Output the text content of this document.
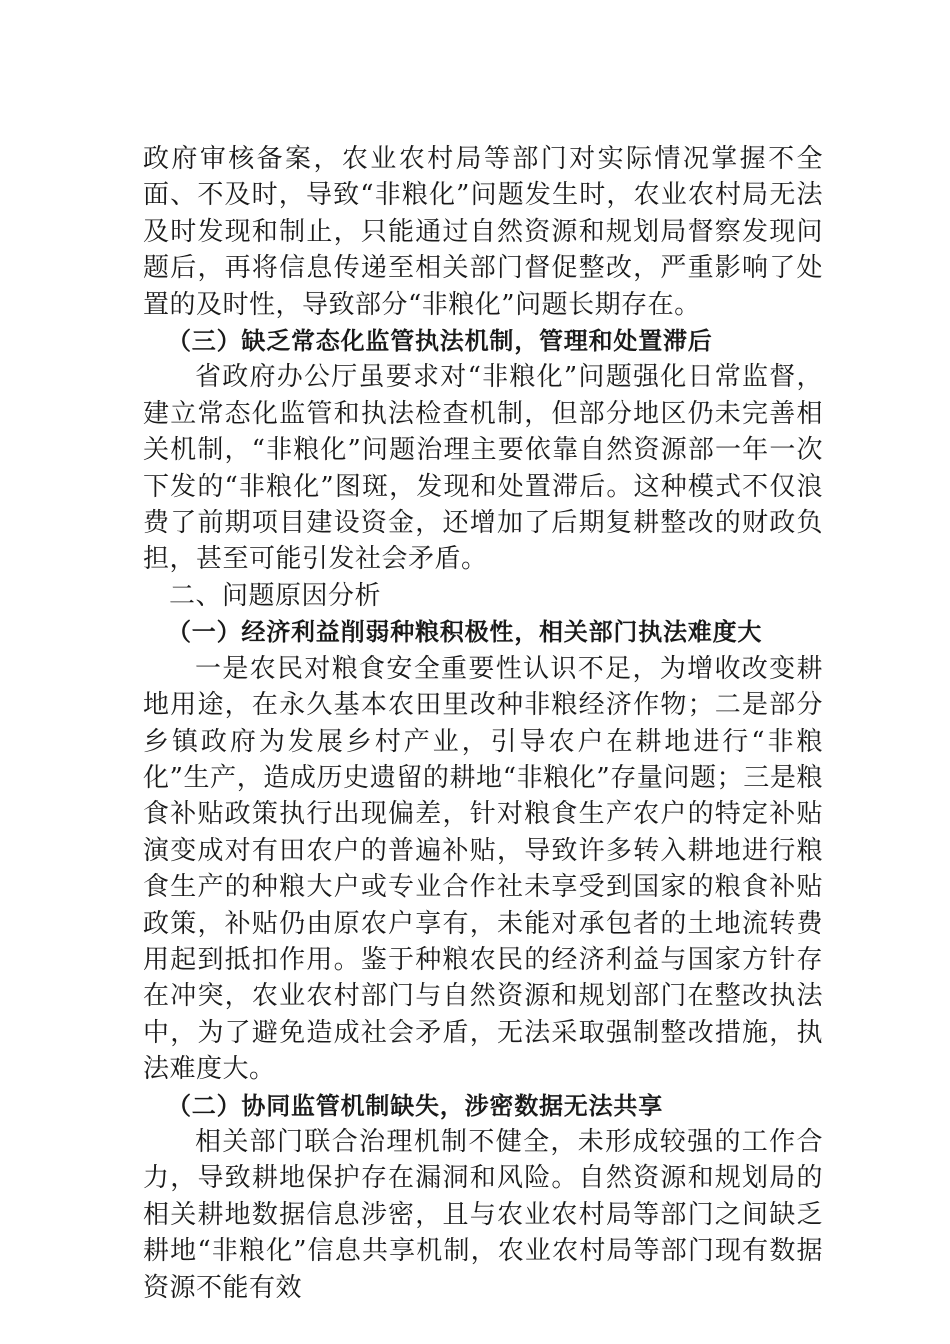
政府审核备案，农业农村局等部门对实际情况掌握不全面、不及时，导致“非粮化”问题发生时，农业农村局无法及时发现和制止，只能通过自然资源和规划局督察发现问题后，再将信息传递至相关部门督促整改，严重影响了处置的及时性，导致部分“非粮化”问题长期存在。

（三）缺乏常态化监管执法机制，管理和处置滞后

省政府办公厅虽要求对“非粮化”问题强化日常监督，建立常态化监管和执法检查机制，但部分地区仍未完善相关机制，“非粮化”问题治理主要依靠自然资源部一年一次下发的“非粮化”图斑，发现和处置滞后。这种模式不仅浪费了前期项目建设资金，还增加了后期复耕整改的财政负担，甚至可能引发社会矛盾。

二、问题原因分析

（一）经济利益削弱种粮积极性，相关部门执法难度大

一是农民对粮食安全重要性认识不足，为增收改变耕地用途，在永久基本农田里改种非粮经济作物；二是部分乡镇政府为发展乡村产业，引导农户在耕地进行“非粮化”生产，造成历史遗留的耕地“非粮化”存量问题；三是粮食补贴政策执行出现偏差，针对粮食生产农户的特定补贴演变成对有田农户的普遍补贴，导致许多转入耕地进行粮食生产的种粮大户或专业合作社未享受到国家的粮食补贴政策，补贴仍由原农户享有，未能对承包者的土地流转费用起到抵扣作用。鉴于种粮农民的经济利益与国家方针存在冲突，农业农村部门与自然资源和规划部门在整改执法中，为了避免造成社会矛盾，无法采取强制整改措施，执法难度大。

（二）协同监管机制缺失，涉密数据无法共享

相关部门联合治理机制不健全，未形成较强的工作合力，导致耕地保护存在漏洞和风险。自然资源和规划局的相关耕地数据信息涉密，且与农业农村局等部门之间缺乏耕地“非粮化”信息共享机制，农业农村局等部门现有数据资源不能有效
